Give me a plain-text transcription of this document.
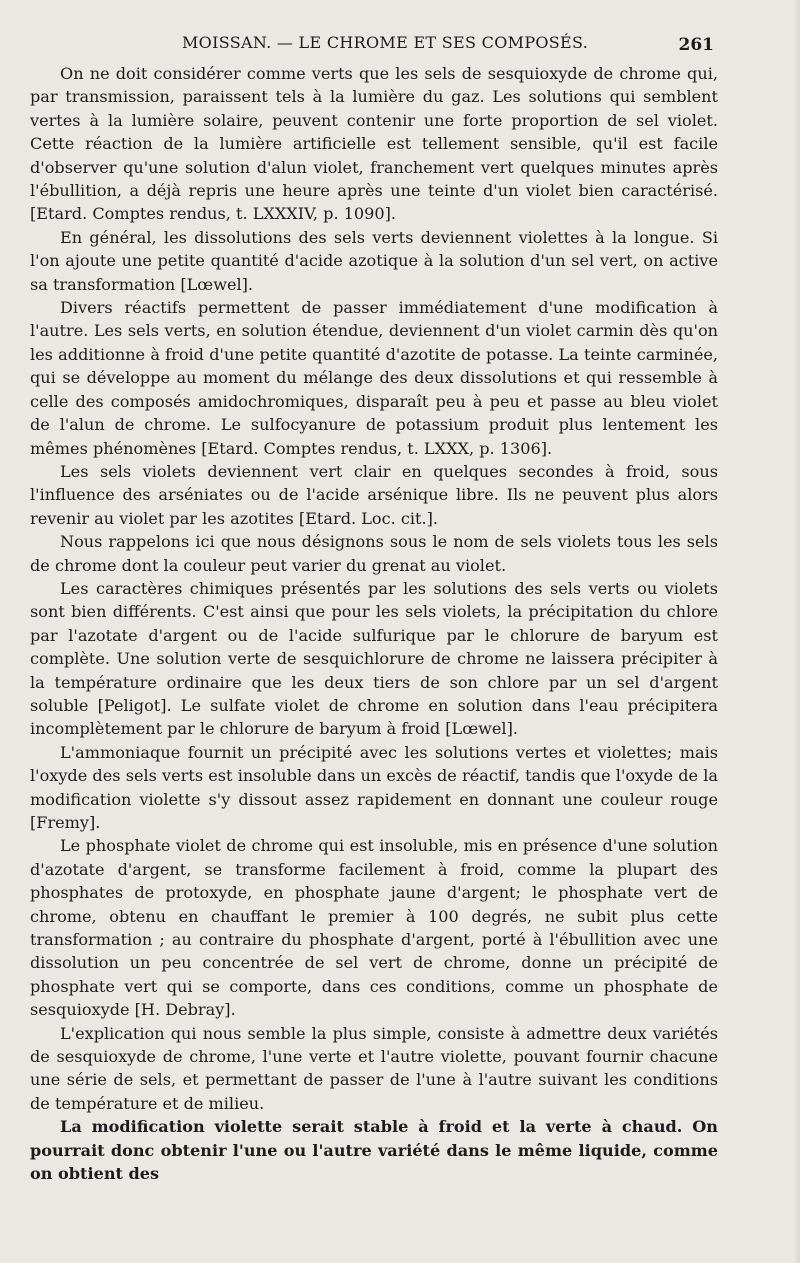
MOISSAN. — LE CHROME ET SES COMPOSÉS.	261

On ne doit considérer comme verts que les sels de sesquioxyde de chrome qui, par transmission, paraissent tels à la lumière du gaz. Les solutions qui semblent vertes à la lumière solaire, peuvent contenir une forte proportion de sel violet. Cette réaction de la lumière artificielle est tellement sensible, qu'il est facile d'observer qu'une solution d'alun violet, franchement vert quelques minutes après l'ébullition, a déjà repris une heure après une teinte d'un violet bien caractérisé. [Etard. Comptes rendus, t. LXXXIV, p. 1090].

En général, les dissolutions des sels verts deviennent violettes à la longue. Si l'on ajoute une petite quantité d'acide azotique à la solution d'un sel vert, on active sa transformation [Lœwel].

Divers réactifs permettent de passer immédiatement d'une modification à l'autre. Les sels verts, en solution étendue, deviennent d'un violet carmin dès qu'on les additionne à froid d'une petite quantité d'azotite de potasse. La teinte carminée, qui se développe au moment du mélange des deux dissolutions et qui ressemble à celle des composés amidochromiques, disparaît peu à peu et passe au bleu violet de l'alun de chrome. Le sulfocyanure de potassium produit plus lentement les mêmes phénomènes [Etard. Comptes rendus, t. LXXX, p. 1306].

Les sels violets deviennent vert clair en quelques secondes à froid, sous l'influence des arséniates ou de l'acide arsénique libre. Ils ne peuvent plus alors revenir au violet par les azotites [Etard. Loc. cit.].

Nous rappelons ici que nous désignons sous le nom de sels violets tous les sels de chrome dont la couleur peut varier du grenat au violet.

Les caractères chimiques présentés par les solutions des sels verts ou violets sont bien différents. C'est ainsi que pour les sels violets, la précipitation du chlore par l'azotate d'argent ou de l'acide sulfurique par le chlorure de baryum est complète. Une solution verte de sesquichlorure de chrome ne laissera précipiter à la température ordinaire que les deux tiers de son chlore par un sel d'argent soluble [Peligot]. Le sulfate violet de chrome en solution dans l'eau précipitera incomplètement par le chlorure de baryum à froid [Lœwel].

L'ammoniaque fournit un précipité avec les solutions vertes et violettes; mais l'oxyde des sels verts est insoluble dans un excès de réactif, tandis que l'oxyde de la modification violette s'y dissout assez rapidement en donnant une couleur rouge [Fremy].

Le phosphate violet de chrome qui est insoluble, mis en présence d'une solution d'azotate d'argent, se transforme facilement à froid, comme la plupart des phosphates de protoxyde, en phosphate jaune d'argent; le phosphate vert de chrome, obtenu en chauffant le premier à 100 degrés, ne subit plus cette transformation ; au contraire du phosphate d'argent, porté à l'ébullition avec une dissolution un peu concentrée de sel vert de chrome, donne un précipité de phosphate vert qui se comporte, dans ces conditions, comme un phosphate de sesquioxyde [H. Debray].

L'explication qui nous semble la plus simple, consiste à admettre deux variétés de sesquioxyde de chrome, l'une verte et l'autre violette, pouvant fournir chacune une série de sels, et permettant de passer de l'une à l'autre suivant les conditions de température et de milieu.

La modification violette serait stable à froid et la verte à chaud. On pourrait donc obtenir l'une ou l'autre variété dans le même liquide, comme on obtient des
